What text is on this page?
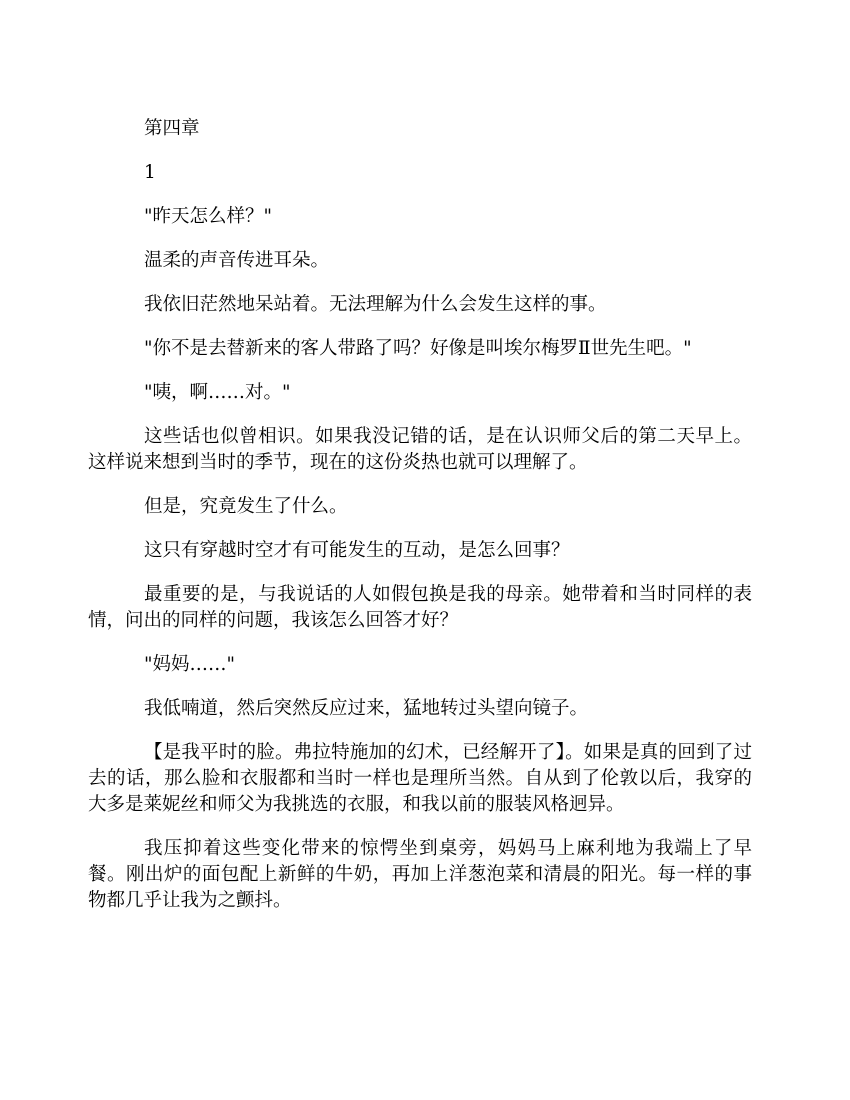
第四章

1

"昨天怎么样？"

温柔的声音传进耳朵。

我依旧茫然地呆站着。无法理解为什么会发生这样的事。

"你不是去替新来的客人带路了吗？好像是叫埃尔梅罗Ⅱ世先生吧。"

"咦，啊……对。"

这些话也似曾相识。如果我没记错的话，是在认识师父后的第二天早上。这样说来想到当时的季节，现在的这份炎热也就可以理解了。

但是，究竟发生了什么。

这只有穿越时空才有可能发生的互动，是怎么回事？

最重要的是，与我说话的人如假包换是我的母亲。她带着和当时同样的表情，问出的同样的问题，我该怎么回答才好？

"妈妈……"

我低喃道，然后突然反应过来，猛地转过头望向镜子。

【是我平时的脸。弗拉特施加的幻术，已经解开了】。如果是真的回到了过去的话，那么脸和衣服都和当时一样也是理所当然。自从到了伦敦以后，我穿的大多是莱妮丝和师父为我挑选的衣服，和我以前的服装风格迥异。

我压抑着这些变化带来的惊愕坐到桌旁，妈妈马上麻利地为我端上了早餐。刚出炉的面包配上新鲜的牛奶，再加上洋葱泡菜和清晨的阳光。每一样的事物都几乎让我为之颤抖。
